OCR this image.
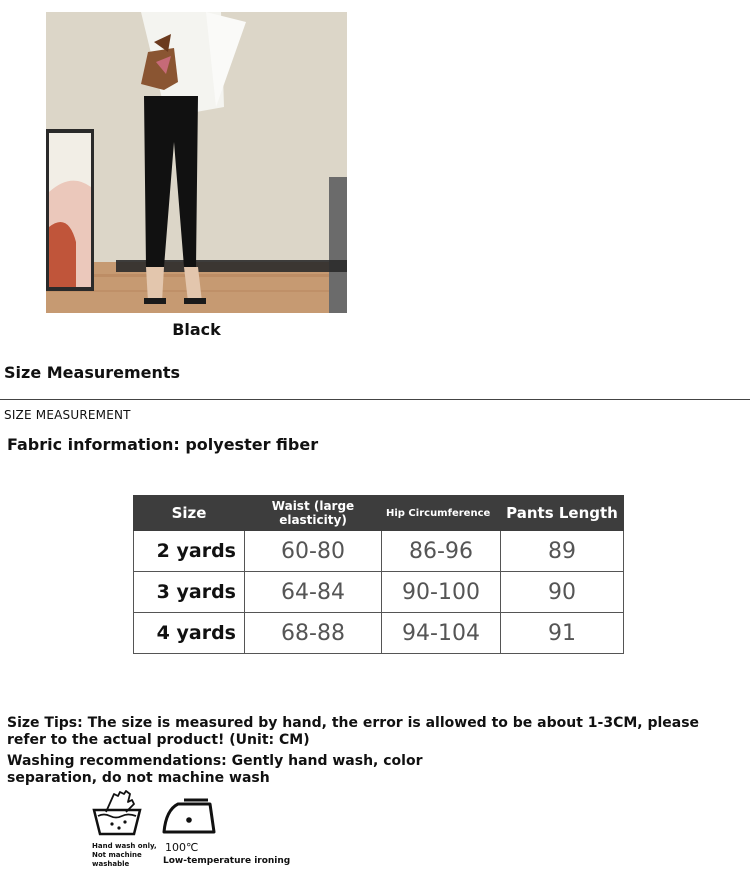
Black
Size Measurements
SIZE MEASUREMENT
Fabric information: polyester fiber
Size	Waist (large elasticity)	Hip Circumference	Pants Length
2 yards	60-80	86-96	89
3 yards	64-84	90-100	90
4 yards	68-88	94-104	91
Size Tips: The size is measured by hand, the error is allowed to be about 1-3CM, please refer to the actual product! (Unit: CM)
Washing recommendations: Gently hand wash, color separation, do not machine wash
Hand wash only, Not machine washable
100℃
Low-temperature ironing
